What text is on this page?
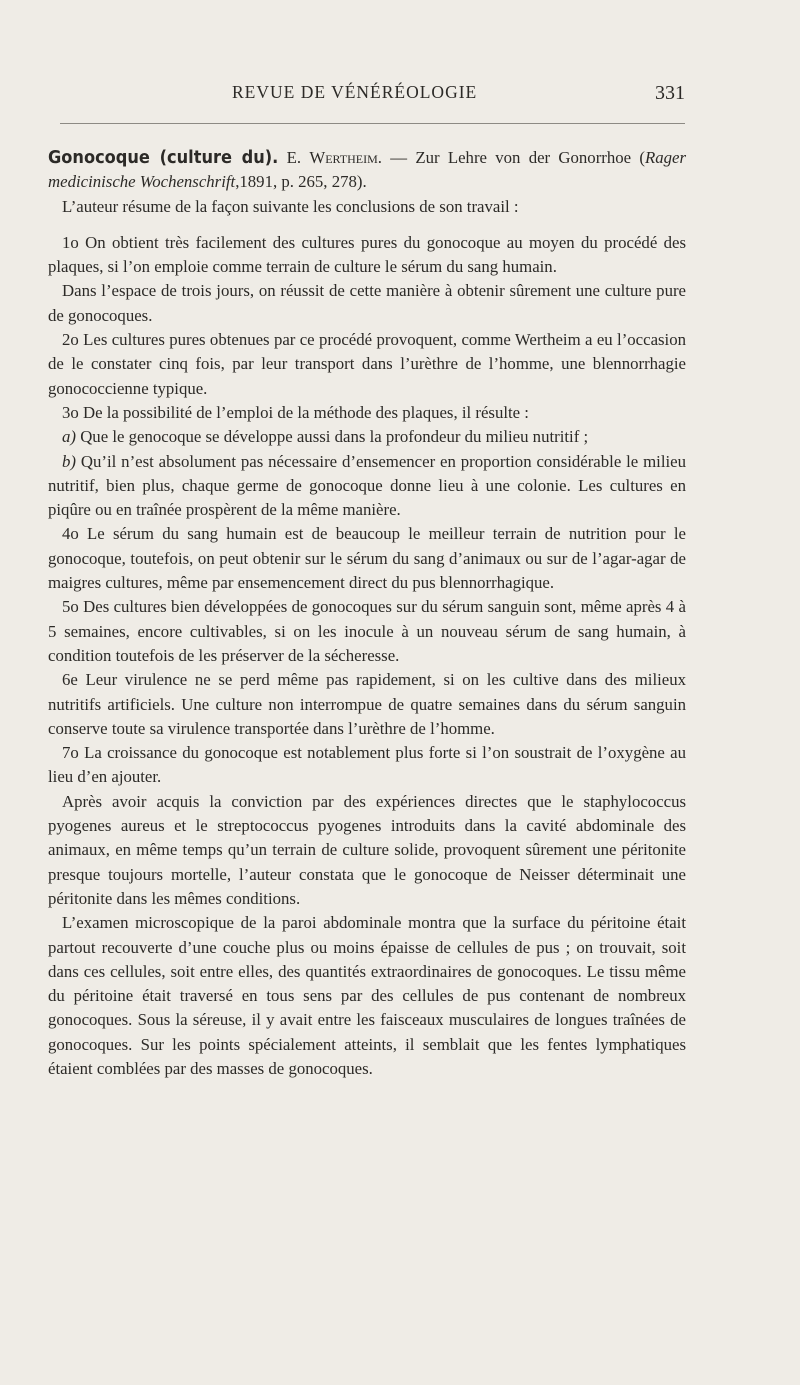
REVUE DE VÉNÉRÉOLOGIE	331

Gonocoque (culture du). E. Wertheim. — Zur Lehre von der Gonorrhoe (Rager medicinische Wochenschrift,1891, p. 265, 278).

L’auteur résume de la façon suivante les conclusions de son travail :

1o On obtient très facilement des cultures pures du gonocoque au moyen du procédé des plaques, si l’on emploie comme terrain de culture le sérum du sang humain.

Dans l’espace de trois jours, on réussit de cette manière à obtenir sûrement une culture pure de gonocoques.

2o Les cultures pures obtenues par ce procédé provoquent, comme Wertheim a eu l’occasion de le constater cinq fois, par leur transport dans l’urèthre de l’homme, une blennorrhagie gonococcienne typique.

3o De la possibilité de l’emploi de la méthode des plaques, il résulte :

a) Que le genocoque se développe aussi dans la profondeur du milieu nutritif ;

b) Qu’il n’est absolument pas nécessaire d’ensemencer en proportion considérable le milieu nutritif, bien plus, chaque germe de gonocoque donne lieu à une colonie. Les cultures en piqûre ou en traînée prospèrent de la même manière.

4o Le sérum du sang humain est de beaucoup le meilleur terrain de nutrition pour le gonocoque, toutefois, on peut obtenir sur le sérum du sang d’animaux ou sur de l’agar-agar de maigres cultures, même par ensemencement direct du pus blennorrhagique.

5o Des cultures bien développées de gonocoques sur du sérum sanguin sont, même après 4 à 5 semaines, encore cultivables, si on les inocule à un nouveau sérum de sang humain, à condition toutefois de les préserver de la sécheresse.

6e Leur virulence ne se perd même pas rapidement, si on les cultive dans des milieux nutritifs artificiels. Une culture non interrompue de quatre semaines dans du sérum sanguin conserve toute sa virulence transportée dans l’urèthre de l’homme.

7o La croissance du gonocoque est notablement plus forte si l’on soustrait de l’oxygène au lieu d’en ajouter.

Après avoir acquis la conviction par des expériences directes que le staphylococcus pyogenes aureus et le streptococcus pyogenes introduits dans la cavité abdominale des animaux, en même temps qu’un terrain de culture solide, provoquent sûrement une péritonite presque toujours mortelle, l’auteur constata que le gonocoque de Neisser déterminait une péritonite dans les mêmes conditions.

L’examen microscopique de la paroi abdominale montra que la surface du péritoine était partout recouverte d’une couche plus ou moins épaisse de cellules de pus ; on trouvait, soit dans ces cellules, soit entre elles, des quantités extraordinaires de gonocoques. Le tissu même du péritoine était traversé en tous sens par des cellules de pus contenant de nombreux gonocoques. Sous la séreuse, il y avait entre les faisceaux musculaires de longues traînées de gonocoques. Sur les points spécialement atteints, il semblait que les fentes lymphatiques étaient comblées par des masses de gonocoques.
